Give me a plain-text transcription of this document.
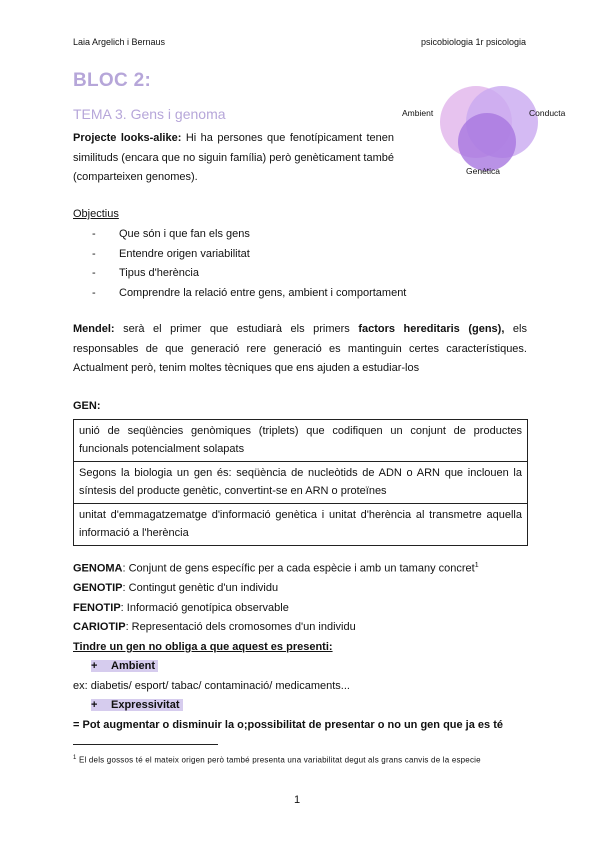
Laia Argelich i Bernaus	psicobiologia 1r psicologia
BLOC 2:
TEMA 3. Gens i genoma	Ambient	Conducta
Genètica
Projecte looks-alike: Hi ha persones que fenotípicament tenen similituds (encara que no siguin família) però genèticament també (comparteixen genomes).
Objectius
-	Que són i que fan els gens
-	Entendre origen variabilitat
-	Tipus d'herència
-	Comprendre la relació entre gens, ambient i comportament
Mendel: serà el primer que estudiarà els primers factors hereditaris (gens), els responsables de que generació rere generació es mantinguin certes característiques. Actualment però, tenim moltes tècniques que ens ajuden a estudiar-los
GEN:
unió de seqüències genòmiques (triplets) que codifiquen un conjunt de productes funcionals potencialment solapats
Segons la biologia un gen és: seqüència de nucleòtids de ADN o ARN que inclouen la síntesis del producte genètic, convertint-se en ARN o proteïnes
unitat d'emmagatzematge d'informació genètica i unitat d'herència al transmetre aquella informació a l'herència
GENOMA: Conjunt de gens específic per a cada espècie i amb un tamany concret$^1$
GENOTIP: Contingut genètic d'un individu
FENOTIP: Informació genotípica observable
CARIOTIP: Representació dels cromosomes d'un individu
Tindre un gen no obliga a que aquest es presenti:
+ Ambient
ex: diabetis/ esport/ tabac/ contaminació/ medicaments...
+ Expressivitat
= Pot augmentar o disminuir la o;possibilitat de presentar o no un gen que ja es té
$^1$ El dels gossos té el mateix origen però també presenta una variabilitat degut als grans canvis de la especie
1
